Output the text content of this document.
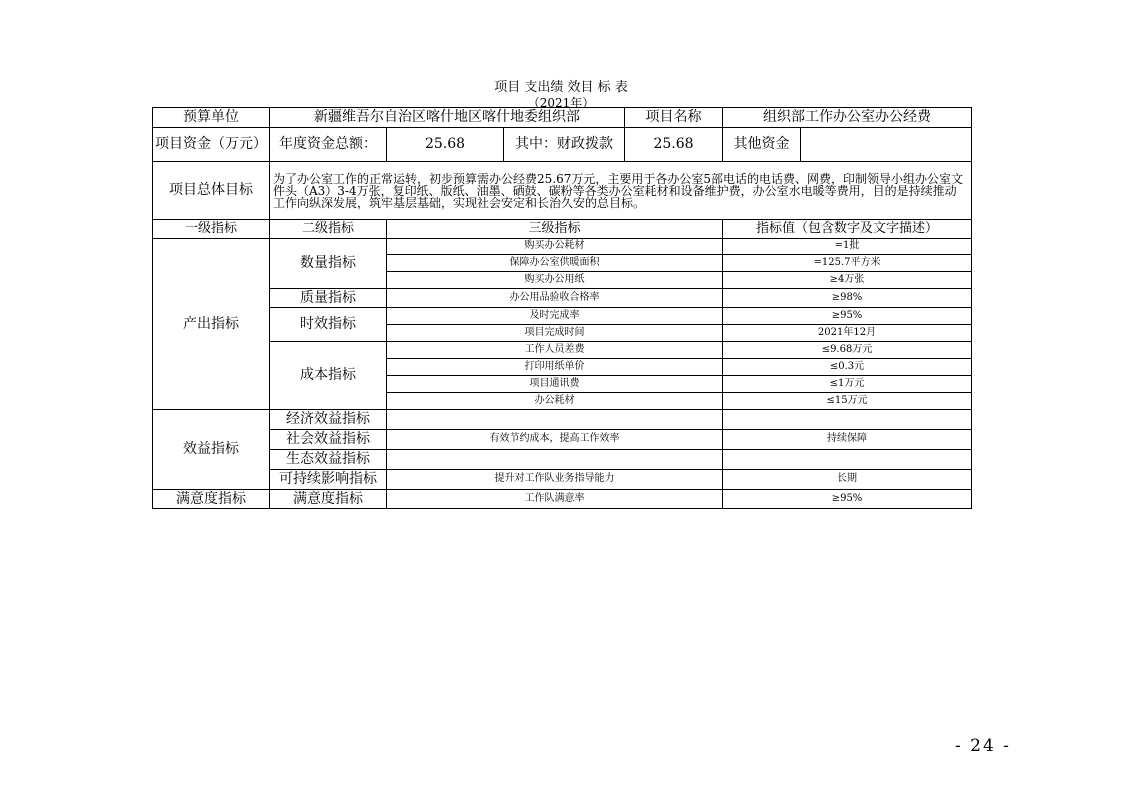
项目 支出绩 效目 标 表
（2021年）
预算单位	新疆维吾尔自治区喀什地区喀什地委组织部			项目名称	组织部工作办公室办公经费	
项目资金（万元）	年度资金总额：	25.68	其中：财政拨款	25.68	其他资金	
项目总体目标	为了办公室工作的正常运转，初步预算需办公经费25.67万元，主要用于各办公室5部电话的电话费、网费，印制领导小组办公室文件头（A3）3-4万张，复印纸、版纸、油墨、硒鼓、碳粉等各类办公室耗材和设备维护费，办公室水电暖等费用，目的是持续推动工作向纵深发展，筑牢基层基础，实现社会安定和长治久安的总目标。					
一级指标	二级指标	三级指标			指标值（包含数字及文字描述）	
产出指标	数量指标	购买办公耗材			=1批	
		保障办公室供暖面积			=125.7平方米	
		购买办公用纸			≥4万张	
	质量指标	办公用品验收合格率			≥98%	
	时效指标	及时完成率			≥95%	
		项目完成时间			2021年12月	
	成本指标	工作人员差费			≤9.68万元	
		打印用纸单价			≤0.3元	
		项目通讯费			≤1万元	
		办公耗材			≤15万元	
效益指标	经济效益指标					
	社会效益指标	有效节约成本，提高工作效率			持续保障	
	生态效益指标					
	可持续影响指标	提升对工作队业务指导能力			长期	
满意度指标	满意度指标	工作队满意率			≥95%	
- 24 -
